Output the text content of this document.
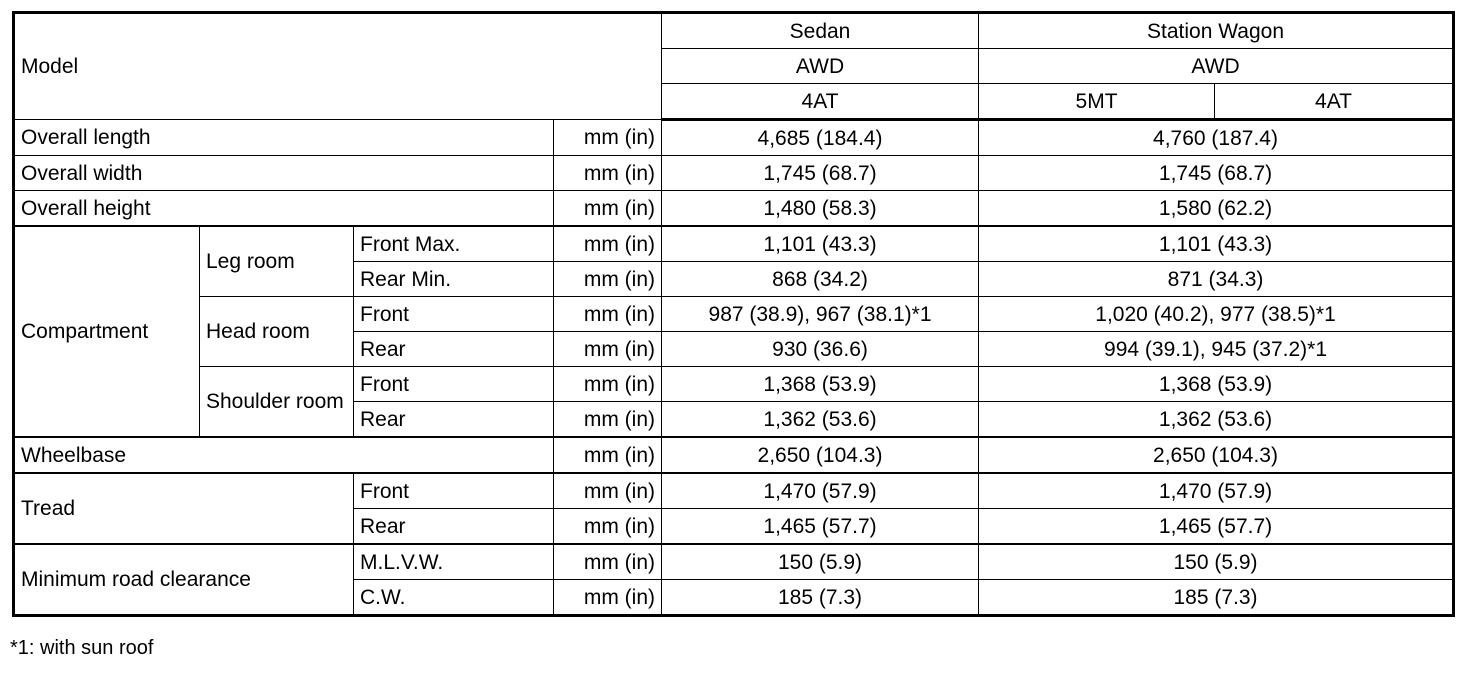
Model				Sedan	Station Wagon	
				AWD	AWD	
				4AT	5MT	4AT
Overall length			mm (in)	4,685 (184.4)	4,760 (187.4)	
Overall width			mm (in)	1,745 (68.7)	1,745 (68.7)	
Overall height			mm (in)	1,480 (58.3)	1,580 (62.2)	
Compartment	Leg room	Front Max.	mm (in)	1,101 (43.3)	1,101 (43.3)	
		Rear Min.	mm (in)	868 (34.2)	871 (34.3)	
	Head room	Front	mm (in)	987 (38.9), 967 (38.1)*1	1,020 (40.2), 977 (38.5)*1	
		Rear	mm (in)	930 (36.6)	994 (39.1), 945 (37.2)*1	
	Shoulder room	Front	mm (in)	1,368 (53.9)	1,368 (53.9)	
		Rear	mm (in)	1,362 (53.6)	1,362 (53.6)	
Wheelbase			mm (in)	2,650 (104.3)	2,650 (104.3)	
Tread		Front	mm (in)	1,470 (57.9)	1,470 (57.9)	
		Rear	mm (in)	1,465 (57.7)	1,465 (57.7)	
Minimum road clearance		M.L.V.W.	mm (in)	150 (5.9)	150 (5.9)	
		C.W.	mm (in)	185 (7.3)	185 (7.3)	
*1: with sun roof
